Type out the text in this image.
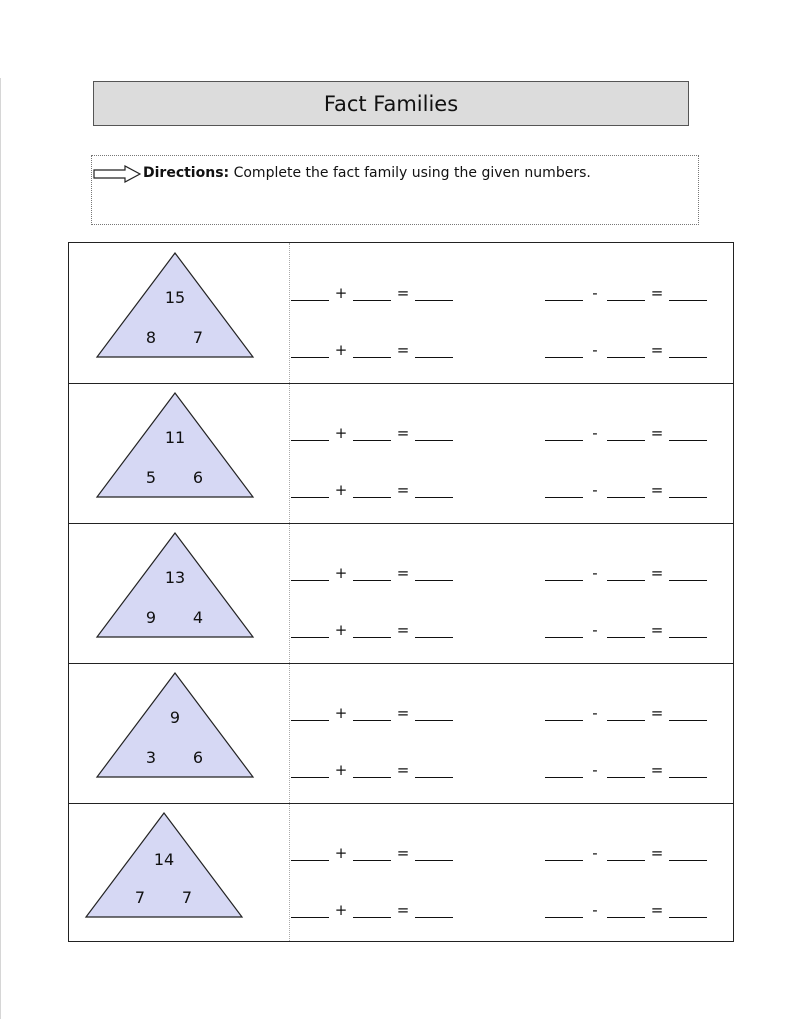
Fact Families
Directions: Complete the fact family using the given numbers.
15
8 7
+	=
+	=
-	=
-	=
11
5 6
+	=
+	=
-	=
-	=
13
9 4
+	=
+	=
-	=
-	=
9
3 6
+	=
+	=
-	=
-	=
14
7 7
+	=
+	=
-	=
-	=
